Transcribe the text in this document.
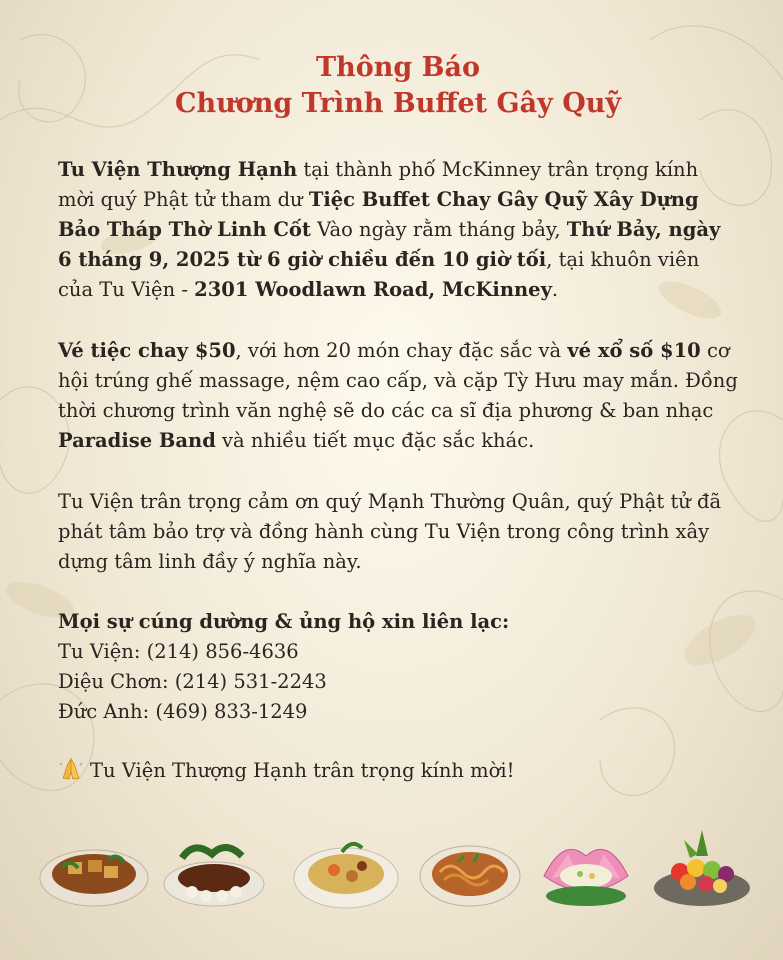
Thông Báo
Chương Trình Buffet Gây Quỹ

Tu Viện Thượng Hạnh tại thành phố McKinney trân trọng kính mời quý Phật tử tham dư Tiệc Buffet Chay Gây Quỹ Xây Dựng Bảo Tháp Thờ Linh Cốt Vào ngày rằm tháng bảy, Thứ Bảy, ngày 6 tháng 9, 2025 từ 6 giờ chiều đến 10 giờ tối, tại khuôn viên của Tu Viện - 2301 Woodlawn Road, McKinney.

Vé tiệc chay $50, với hơn 20 món chay đặc sắc và vé xổ số $10 cơ hội trúng ghế massage, nệm cao cấp, và cặp Tỳ Hưu may mắn. Đồng thời chương trình văn nghệ sẽ do các ca sĩ địa phương & ban nhạc Paradise Band và nhiều tiết mục đặc sắc khác.

Tu Viện trân trọng cảm ơn quý Mạnh Thường Quân, quý Phật tử đã phát tâm bảo trợ và đồng hành cùng Tu Viện trong công trình xây dựng tâm linh đầy ý nghĩa này.

Mọi sự cúng dường & ủng hộ xin liên lạc:
Tu Viện: (214) 856-4636
Diệu Chơn: (214) 531-2243
Đức Anh: (469) 833-1249
Tu Viện Thượng Hạnh trân trọng kính mời!
